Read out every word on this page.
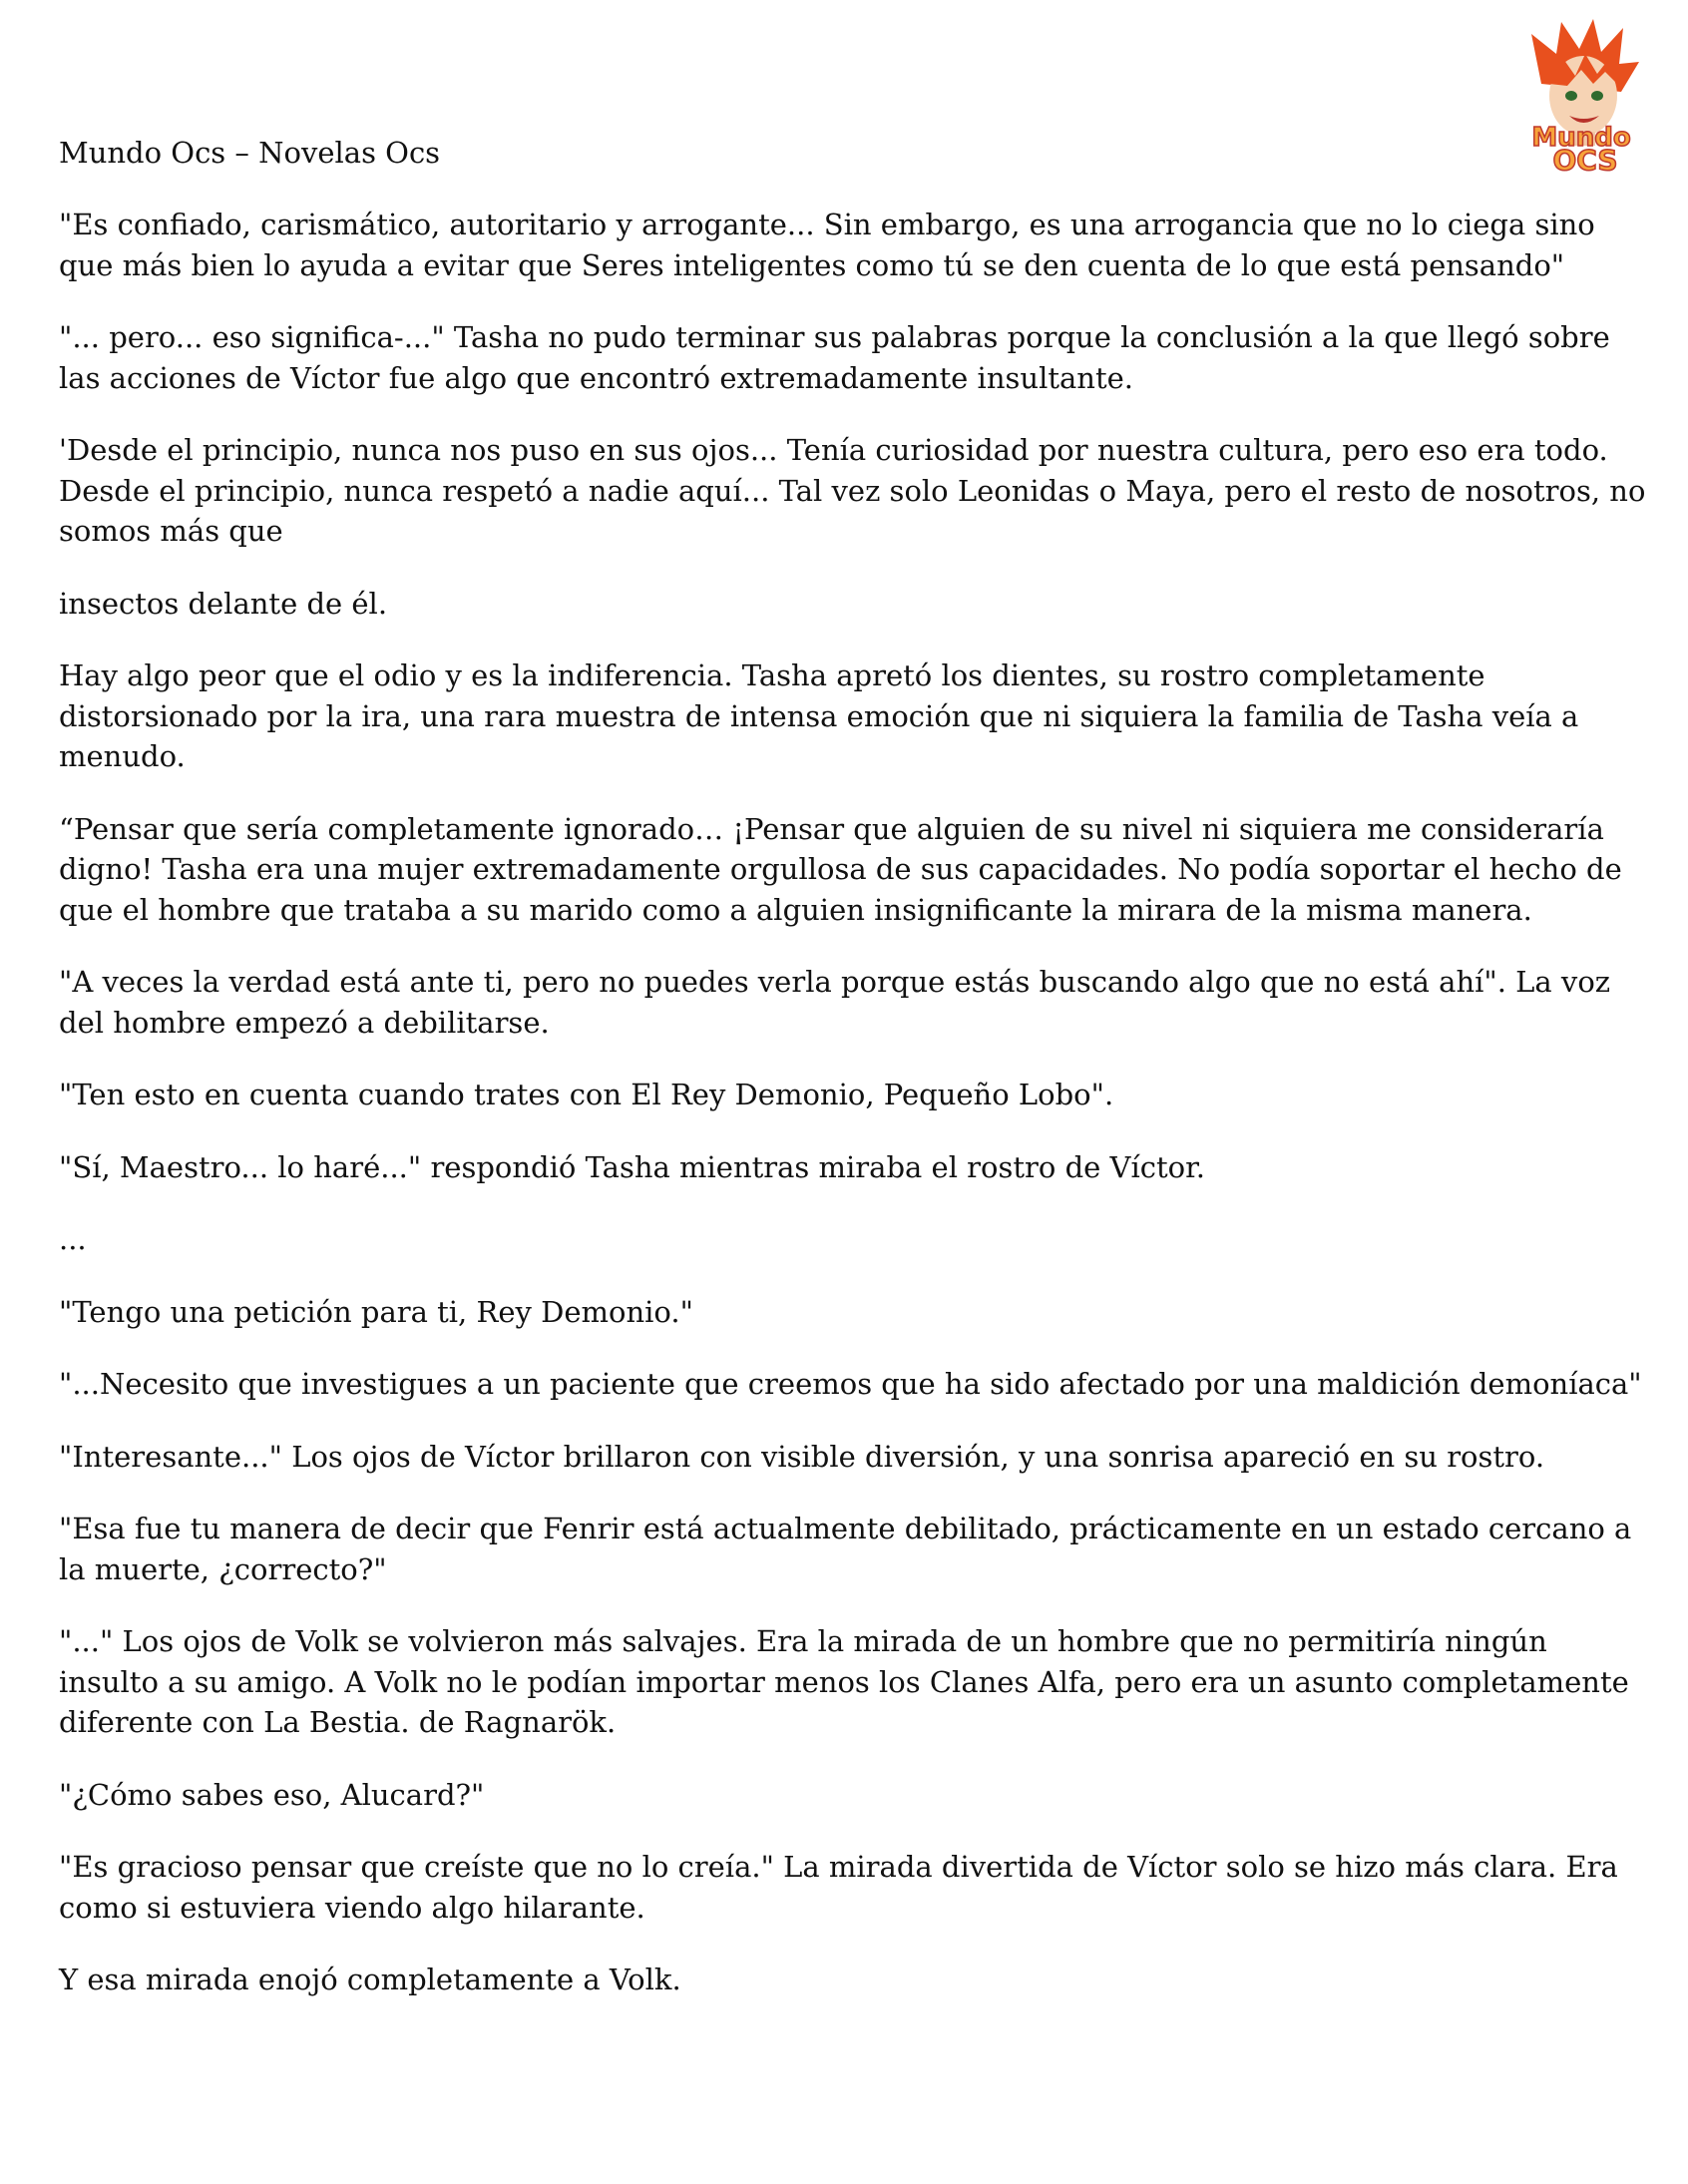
Mundo
OCS
Mundo Ocs – Novelas Ocs

"Es confiado, carismático, autoritario y arrogante... Sin embargo, es una arrogancia que no lo ciega sino que más bien lo ayuda a evitar que Seres inteligentes como tú se den cuenta de lo que está pensando"

"... pero... eso significa-..." Tasha no pudo terminar sus palabras porque la conclusión a la que llegó sobre las acciones de Víctor fue algo que encontró extremadamente insultante.

'Desde el principio, nunca nos puso en sus ojos... Tenía curiosidad por nuestra cultura, pero eso era todo. Desde el principio, nunca respetó a nadie aquí... Tal vez solo Leonidas o Maya, pero el resto de nosotros, no somos más que

insectos delante de él.

Hay algo peor que el odio y es la indiferencia. Tasha apretó los dientes, su rostro completamente distorsionado por la ira, una rara muestra de intensa emoción que ni siquiera la familia de Tasha veía a menudo.

“Pensar que sería completamente ignorado… ¡Pensar que alguien de su nivel ni siquiera me consideraría digno! Tasha era una mujer extremadamente orgullosa de sus capacidades. No podía soportar el hecho de que el hombre que trataba a su marido como a alguien insignificante la mirara de la misma manera.

"A veces la verdad está ante ti, pero no puedes verla porque estás buscando algo que no está ahí". La voz del hombre empezó a debilitarse.

"Ten esto en cuenta cuando trates con El Rey Demonio, Pequeño Lobo".

"Sí, Maestro... lo haré..." respondió Tasha mientras miraba el rostro de Víctor.

...

"Tengo una petición para ti, Rey Demonio."

"...Necesito que investigues a un paciente que creemos que ha sido afectado por una maldición demoníaca"

"Interesante..." Los ojos de Víctor brillaron con visible diversión, y una sonrisa apareció en su rostro.

"Esa fue tu manera de decir que Fenrir está actualmente debilitado, prácticamente en un estado cercano a la muerte, ¿correcto?"

"..." Los ojos de Volk se volvieron más salvajes. Era la mirada de un hombre que no permitiría ningún insulto a su amigo. A Volk no le podían importar menos los Clanes Alfa, pero era un asunto completamente diferente con La Bestia. de Ragnarök.

"¿Cómo sabes eso, Alucard?"

"Es gracioso pensar que creíste que no lo creía." La mirada divertida de Víctor solo se hizo más clara. Era como si estuviera viendo algo hilarante.

Y esa mirada enojó completamente a Volk.
